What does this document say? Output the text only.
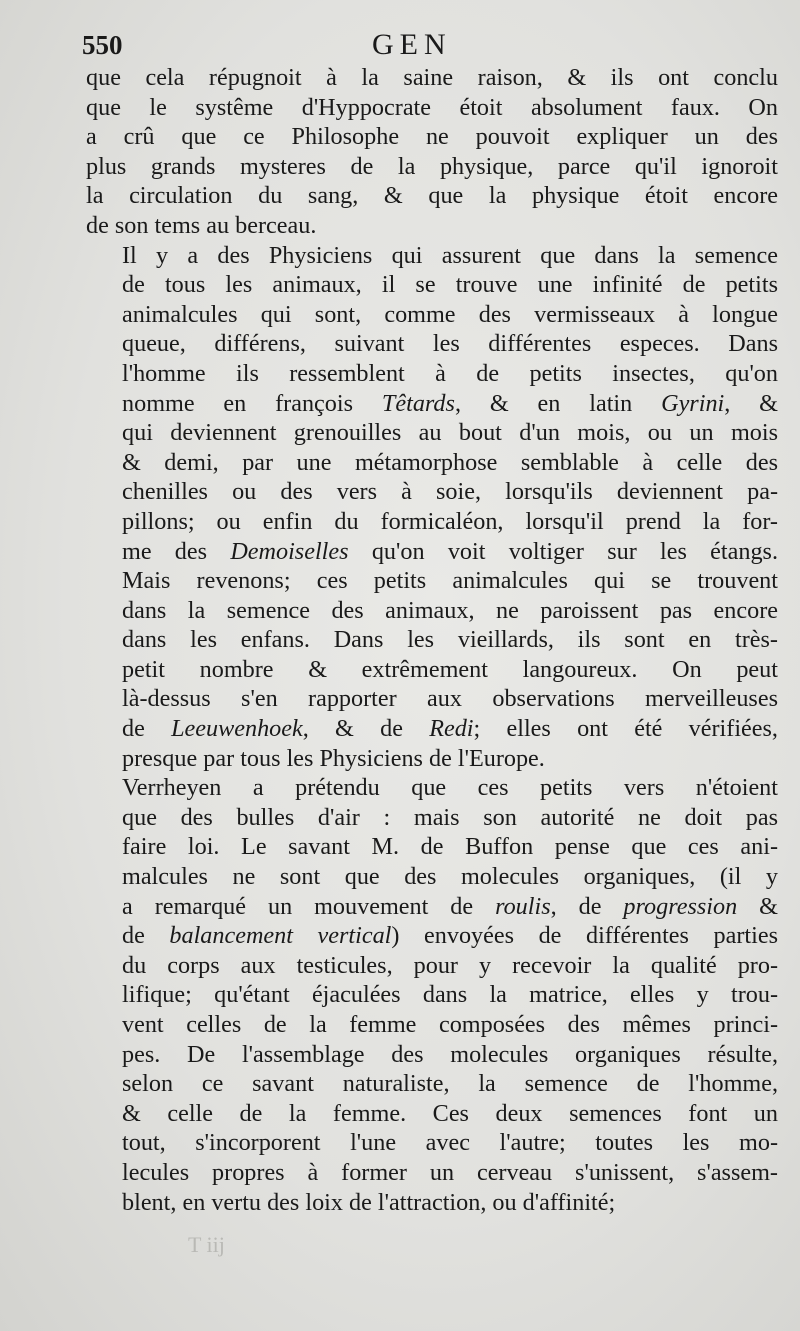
550	GEN

que cela répugnoit à la saine raison, & ils ont conclu
que le systême d'Hyppocrate étoit absolument faux. On
a crû que ce Philosophe ne pouvoit expliquer un des
plus grands mysteres de la physique, parce qu'il ignoroit
la circulation du sang, & que la physique étoit encore
de son tems au berceau.

Il y a des Physiciens qui assurent que dans la semence
de tous les animaux, il se trouve une infinité de petits
animalcules qui sont, comme des vermisseaux à longue
queue, différens, suivant les différentes especes. Dans
l'homme ils ressemblent à de petits insectes, qu'on
nomme en françois Têtards, & en latin Gyrini, &
qui deviennent grenouilles au bout d'un mois, ou un mois
& demi, par une métamorphose semblable à celle des
chenilles ou des vers à soie, lorsqu'ils deviennent pa-
pillons; ou enfin du formicaléon, lorsqu'il prend la for-
me des Demoiselles qu'on voit voltiger sur les étangs.
Mais revenons; ces petits animalcules qui se trouvent
dans la semence des animaux, ne paroissent pas encore
dans les enfans. Dans les vieillards, ils sont en très-
petit nombre & extrêmement langoureux. On peut
là-dessus s'en rapporter aux observations merveilleuses
de Leeuwenhoek, & de Redi; elles ont été vérifiées,
presque par tous les Physiciens de l'Europe.

Verrheyen a prétendu que ces petits vers n'étoient
que des bulles d'air : mais son autorité ne doit pas
faire loi. Le savant M. de Buffon pense que ces ani-
malcules ne sont que des molecules organiques, (il y
a remarqué un mouvement de roulis, de progression &
de balancement vertical) envoyées de différentes parties
du corps aux testicules, pour y recevoir la qualité pro-
lifique; qu'étant éjaculées dans la matrice, elles y trou-
vent celles de la femme composées des mêmes princi-
pes. De l'assemblage des molecules organiques résulte,
selon ce savant naturaliste, la semence de l'homme,
& celle de la femme. Ces deux semences font un
tout, s'incorporent l'une avec l'autre; toutes les mo-
lecules propres à former un cerveau s'unissent, s'assem-
blent, en vertu des loix de l'attraction, ou d'affinité;

T iij
